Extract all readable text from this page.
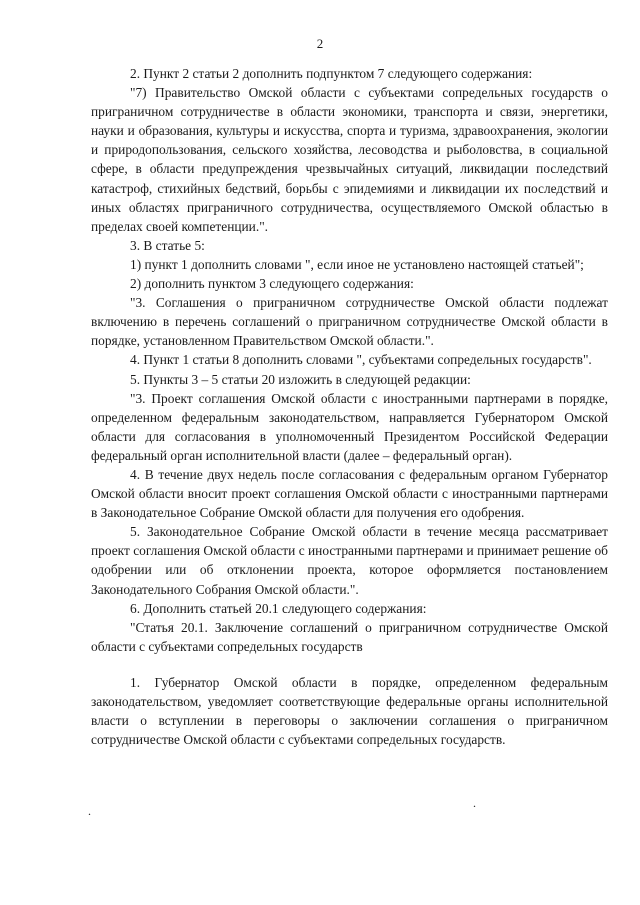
2

2. Пункт 2 статьи 2 дополнить подпунктом 7 следующего содержания:

"7) Правительство Омской области с субъектами сопредельных государств о приграничном сотрудничестве в области экономики, транспорта и связи, энергетики, науки и образования, культуры и искусства, спорта и туризма, здравоохранения, экологии и природопользования, сельского хозяйства, лесоводства и рыболовства, в социальной сфере, в области предупреждения чрезвычайных ситуаций, ликвидации последствий катастроф, стихийных бедствий, борьбы с эпидемиями и ликвидации их последствий и иных областях приграничного сотрудничества, осуществляемого Омской областью в пределах своей компетенции.".

3. В статье 5:

1) пункт 1 дополнить словами ", если иное не установлено настоящей статьей";

2) дополнить пунктом 3 следующего содержания:

"3. Соглашения о приграничном сотрудничестве Омской области подлежат включению в перечень соглашений о приграничном сотрудничестве Омской области в порядке, установленном Правительством Омской области.".

4. Пункт 1 статьи 8 дополнить словами ", субъектами сопредельных государств".

5. Пункты 3 – 5 статьи 20 изложить в следующей редакции:

"3. Проект соглашения Омской области с иностранными партнерами в порядке, определенном федеральным законодательством, направляется Губернатором Омской области для согласования в уполномоченный Президентом Российской Федерации федеральный орган исполнительной власти (далее – федеральный орган).

4. В течение двух недель после согласования с федеральным органом Губернатор Омской области вносит проект соглашения Омской области с иностранными партнерами в Законодательное Собрание Омской области для получения его одобрения.

5. Законодательное Собрание Омской области в течение месяца рассматривает проект соглашения Омской области с иностранными партнерами и принимает решение об одобрении или об отклонении проекта, которое оформляется постановлением Законодательного Собрания Омской области.".

6. Дополнить статьей 20.1 следующего содержания:

"Статья 20.1. Заключение соглашений о приграничном сотрудничестве Омской области с субъектами сопредельных государств

1. Губернатор Омской области в порядке, определенном федеральным законодательством, уведомляет соответствующие федеральные органы исполнительной власти о вступлении в переговоры о заключении соглашения о приграничном сотрудничестве Омской области с субъектами сопредельных государств.

.
.
